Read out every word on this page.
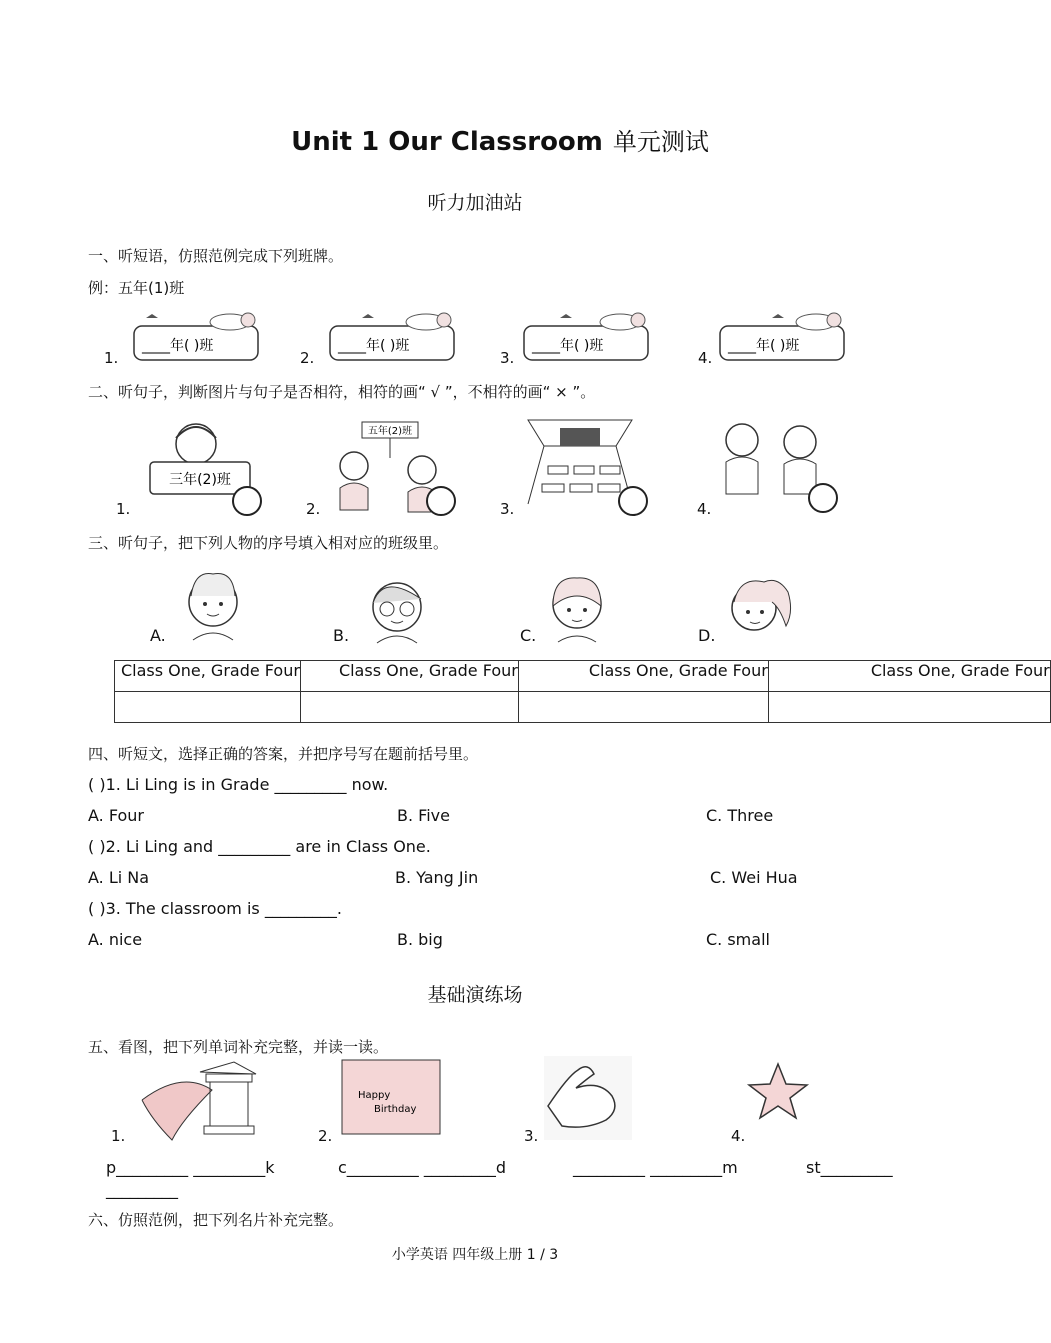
Unit 1 Our Classroom 单元测试
听力加油站
一、听短语，仿照范例完成下列班牌。
例：五年(1)班
1.	2.	3.	4.
____年( )班	____年( )班	____年( )班	____年( )班
二、听句子，判断图片与句子是否相符，相符的画“ √ ”，不相符的画“ × ”。
1.	2.	3.	4.
三年(2)班
五年(2)班
三、听句子，把下列人物的序号填入相对应的班级里。
A.	B.	C.	D.
Class One, Grade Four	Class One, Grade Four	Class One, Grade Four	Class One, Grade Four

四、听短文，选择正确的答案，并把序号写在题前括号里。
( )1. Li Ling is in Grade _________ now.
A. Four	B. Five	C. Three
( )2. Li Ling and _________ are in Class One.
A. Li Na	B. Yang Jin	C. Wei Hua
( )3. The classroom is _________.
A. nice	B. big	C. small
基础演练场
五、看图，把下列单词补充完整，并读一读。
1.	2.	3.	4.
Happy
Birthday
p_________ _________k	c_________ _________d	_________ _________m	st_________
_________
六、仿照范例，把下列名片补充完整。
小学英语 四年级上册 1 / 3
